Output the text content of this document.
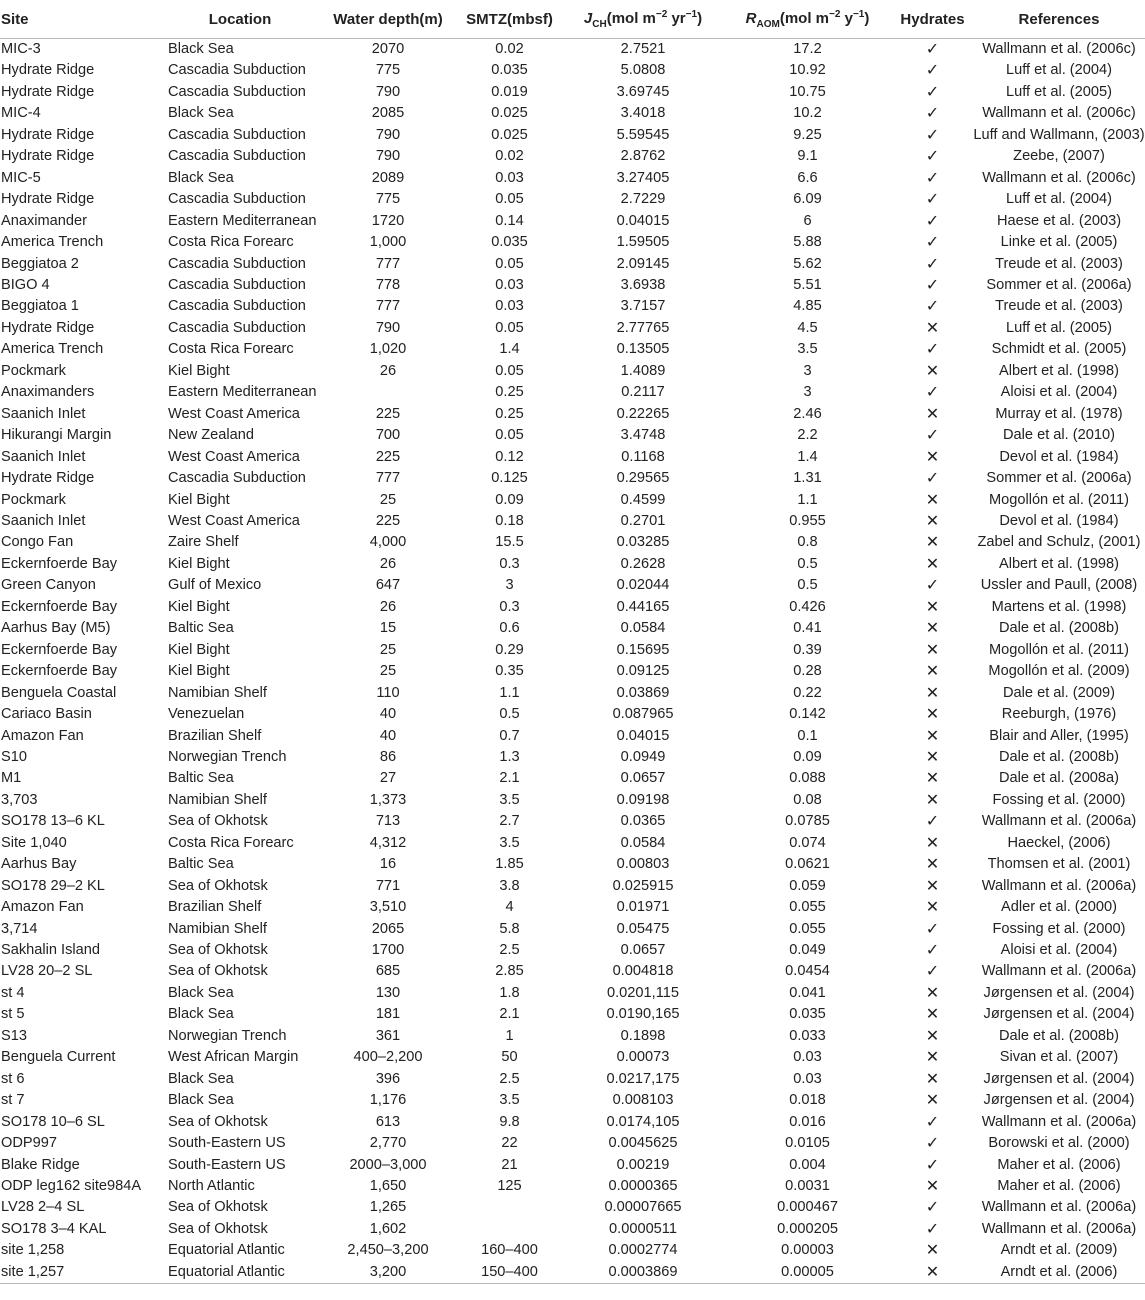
Site	Location	Water depth(m)	SMTZ(mbsf)	$J_{CH}(mol$ $m^{-2}$ $yr^{-1}$)	$R_{AOM}(mol$ $m^{-2}$ $y^{-1}$)	Hydrates	References
MIC-3	Black Sea	2070	0.02	2.7521	17.2	✓	Wallmann et al. (2006c)
Hydrate Ridge	Cascadia Subduction	775	0.035	5.0808	10.92	✓	Luff et al. (2004)
Hydrate Ridge	Cascadia Subduction	790	0.019	3.69745	10.75	✓	Luff et al. (2005)
MIC-4	Black Sea	2085	0.025	3.4018	10.2	✓	Wallmann et al. (2006c)
Hydrate Ridge	Cascadia Subduction	790	0.025	5.59545	9.25	✓	Luff and Wallmann, (2003)
Hydrate Ridge	Cascadia Subduction	790	0.02	2.8762	9.1	✓	Zeebe, (2007)
MIC-5	Black Sea	2089	0.03	3.27405	6.6	✓	Wallmann et al. (2006c)
Hydrate Ridge	Cascadia Subduction	775	0.05	2.7229	6.09	✓	Luff et al. (2004)
Anaximander	Eastern Mediterranean	1720	0.14	0.04015	6	✓	Haese et al. (2003)
America Trench	Costa Rica Forearc	1,000	0.035	1.59505	5.88	✓	Linke et al. (2005)
Beggiatoa 2	Cascadia Subduction	777	0.05	2.09145	5.62	✓	Treude et al. (2003)
BIGO 4	Cascadia Subduction	778	0.03	3.6938	5.51	✓	Sommer et al. (2006a)
Beggiatoa 1	Cascadia Subduction	777	0.03	3.7157	4.85	✓	Treude et al. (2003)
Hydrate Ridge	Cascadia Subduction	790	0.05	2.77765	4.5	✕	Luff et al. (2005)
America Trench	Costa Rica Forearc	1,020	1.4	0.13505	3.5	✓	Schmidt et al. (2005)
Pockmark	Kiel Bight	26	0.05	1.4089	3	✕	Albert et al. (1998)
Anaximanders	Eastern Mediterranean		0.25	0.2117	3	✓	Aloisi et al. (2004)
Saanich Inlet	West Coast America	225	0.25	0.22265	2.46	✕	Murray et al. (1978)
Hikurangi Margin	New Zealand	700	0.05	3.4748	2.2	✓	Dale et al. (2010)
Saanich Inlet	West Coast America	225	0.12	0.1168	1.4	✕	Devol et al. (1984)
Hydrate Ridge	Cascadia Subduction	777	0.125	0.29565	1.31	✓	Sommer et al. (2006a)
Pockmark	Kiel Bight	25	0.09	0.4599	1.1	✕	Mogollón et al. (2011)
Saanich Inlet	West Coast America	225	0.18	0.2701	0.955	✕	Devol et al. (1984)
Congo Fan	Zaire Shelf	4,000	15.5	0.03285	0.8	✕	Zabel and Schulz, (2001)
Eckernfoerde Bay	Kiel Bight	26	0.3	0.2628	0.5	✕	Albert et al. (1998)
Green Canyon	Gulf of Mexico	647	3	0.02044	0.5	✓	Ussler and Paull, (2008)
Eckernfoerde Bay	Kiel Bight	26	0.3	0.44165	0.426	✕	Martens et al. (1998)
Aarhus Bay (M5)	Baltic Sea	15	0.6	0.0584	0.41	✕	Dale et al. (2008b)
Eckernfoerde Bay	Kiel Bight	25	0.29	0.15695	0.39	✕	Mogollón et al. (2011)
Eckernfoerde Bay	Kiel Bight	25	0.35	0.09125	0.28	✕	Mogollón et al. (2009)
Benguela Coastal	Namibian Shelf	110	1.1	0.03869	0.22	✕	Dale et al. (2009)
Cariaco Basin	Venezuelan	40	0.5	0.087965	0.142	✕	Reeburgh, (1976)
Amazon Fan	Brazilian Shelf	40	0.7	0.04015	0.1	✕	Blair and Aller, (1995)
S10	Norwegian Trench	86	1.3	0.0949	0.09	✕	Dale et al. (2008b)
M1	Baltic Sea	27	2.1	0.0657	0.088	✕	Dale et al. (2008a)
3,703	Namibian Shelf	1,373	3.5	0.09198	0.08	✕	Fossing et al. (2000)
SO178 13–6 KL	Sea of Okhotsk	713	2.7	0.0365	0.0785	✓	Wallmann et al. (2006a)
Site 1,040	Costa Rica Forearc	4,312	3.5	0.0584	0.074	✕	Haeckel, (2006)
Aarhus Bay	Baltic Sea	16	1.85	0.00803	0.0621	✕	Thomsen et al. (2001)
SO178 29–2 KL	Sea of Okhotsk	771	3.8	0.025915	0.059	✕	Wallmann et al. (2006a)
Amazon Fan	Brazilian Shelf	3,510	4	0.01971	0.055	✕	Adler et al. (2000)
3,714	Namibian Shelf	2065	5.8	0.05475	0.055	✓	Fossing et al. (2000)
Sakhalin Island	Sea of Okhotsk	1700	2.5	0.0657	0.049	✓	Aloisi et al. (2004)
LV28 20–2 SL	Sea of Okhotsk	685	2.85	0.004818	0.0454	✓	Wallmann et al. (2006a)
st 4	Black Sea	130	1.8	0.0201,115	0.041	✕	Jørgensen et al. (2004)
st 5	Black Sea	181	2.1	0.0190,165	0.035	✕	Jørgensen et al. (2004)
S13	Norwegian Trench	361	1	0.1898	0.033	✕	Dale et al. (2008b)
Benguela Current	West African Margin	400–2,200	50	0.00073	0.03	✕	Sivan et al. (2007)
st 6	Black Sea	396	2.5	0.0217,175	0.03	✕	Jørgensen et al. (2004)
st 7	Black Sea	1,176	3.5	0.008103	0.018	✕	Jørgensen et al. (2004)
SO178 10–6 SL	Sea of Okhotsk	613	9.8	0.0174,105	0.016	✓	Wallmann et al. (2006a)
ODP997	South-Eastern US	2,770	22	0.0045625	0.0105	✓	Borowski et al. (2000)
Blake Ridge	South-Eastern US	2000–3,000	21	0.00219	0.004	✓	Maher et al. (2006)
ODP leg162 site984A	North Atlantic	1,650	125	0.0000365	0.0031	✕	Maher et al. (2006)
LV28 2–4 SL	Sea of Okhotsk	1,265		0.00007665	0.000467	✓	Wallmann et al. (2006a)
SO178 3–4 KAL	Sea of Okhotsk	1,602		0.0000511	0.000205	✓	Wallmann et al. (2006a)
site 1,258	Equatorial Atlantic	2,450–3,200	160–400	0.0002774	0.00003	✕	Arndt et al. (2009)
site 1,257	Equatorial Atlantic	3,200	150–400	0.0003869	0.00005	✕	Arndt et al. (2006)
